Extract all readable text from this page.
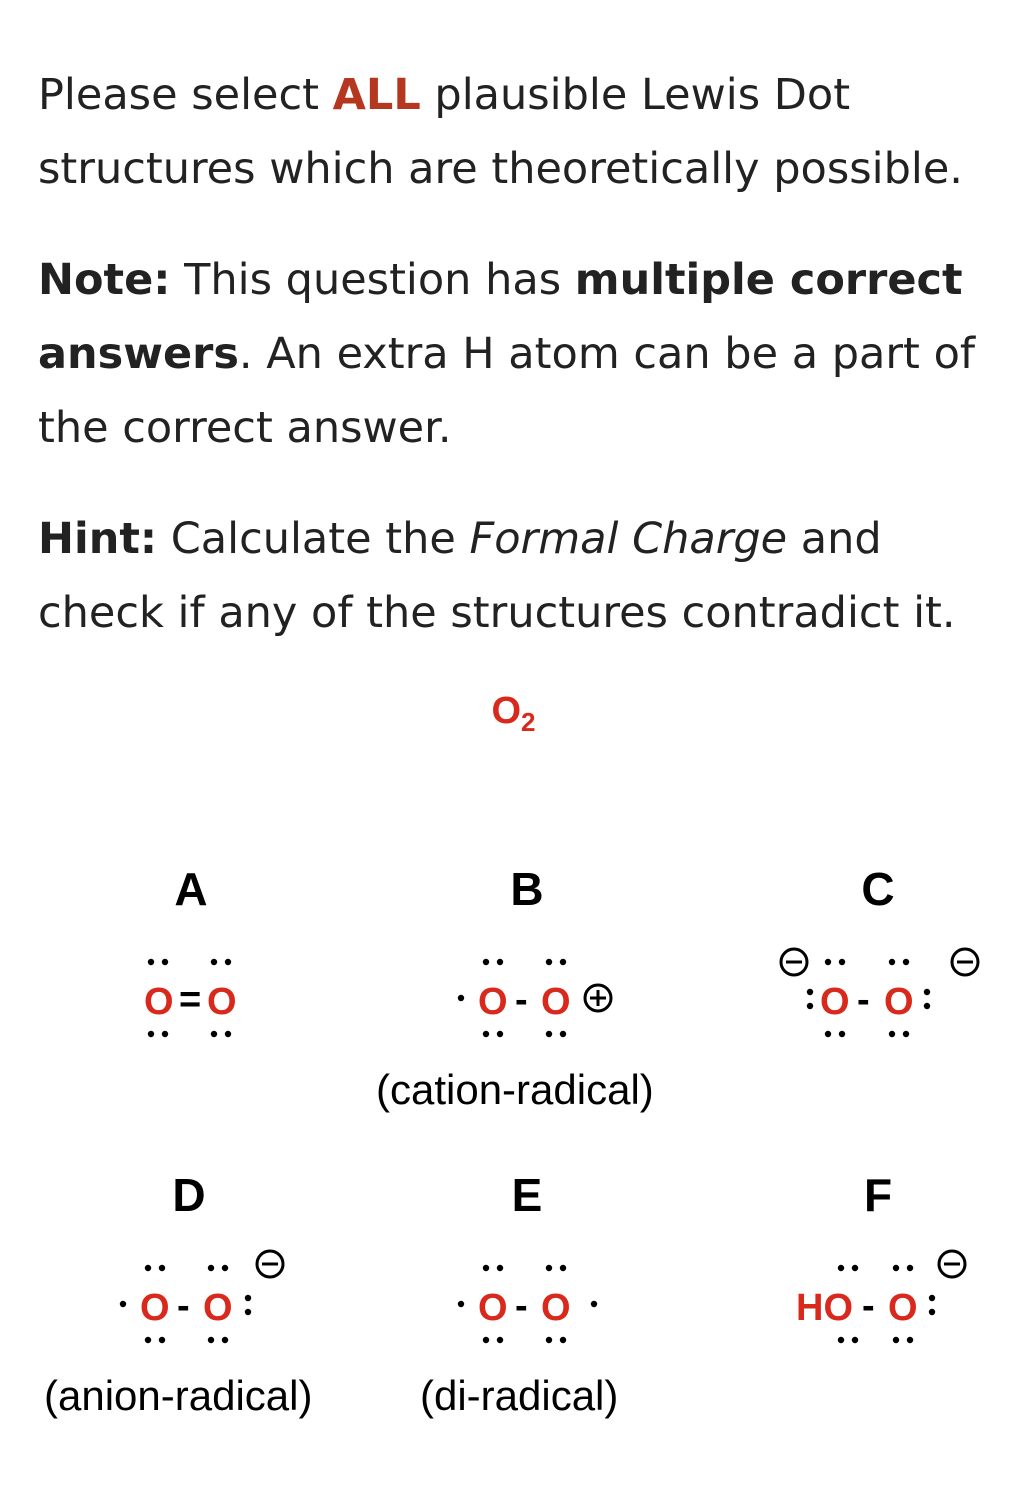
Please select ALL plausible Lewis Dot structures which are theoretically possible.

Note: This question has multiple correct answers. An extra H atom can be a part of the correct answer.

Hint: Calculate the Formal Charge and check if any of the structures contradict it.

$O_2$
A	B	C
D	E	F
O = O	O - O
(cation-radical)
O - O
O - O
(anion-radical)
O - O
(di-radical)
HO - O
